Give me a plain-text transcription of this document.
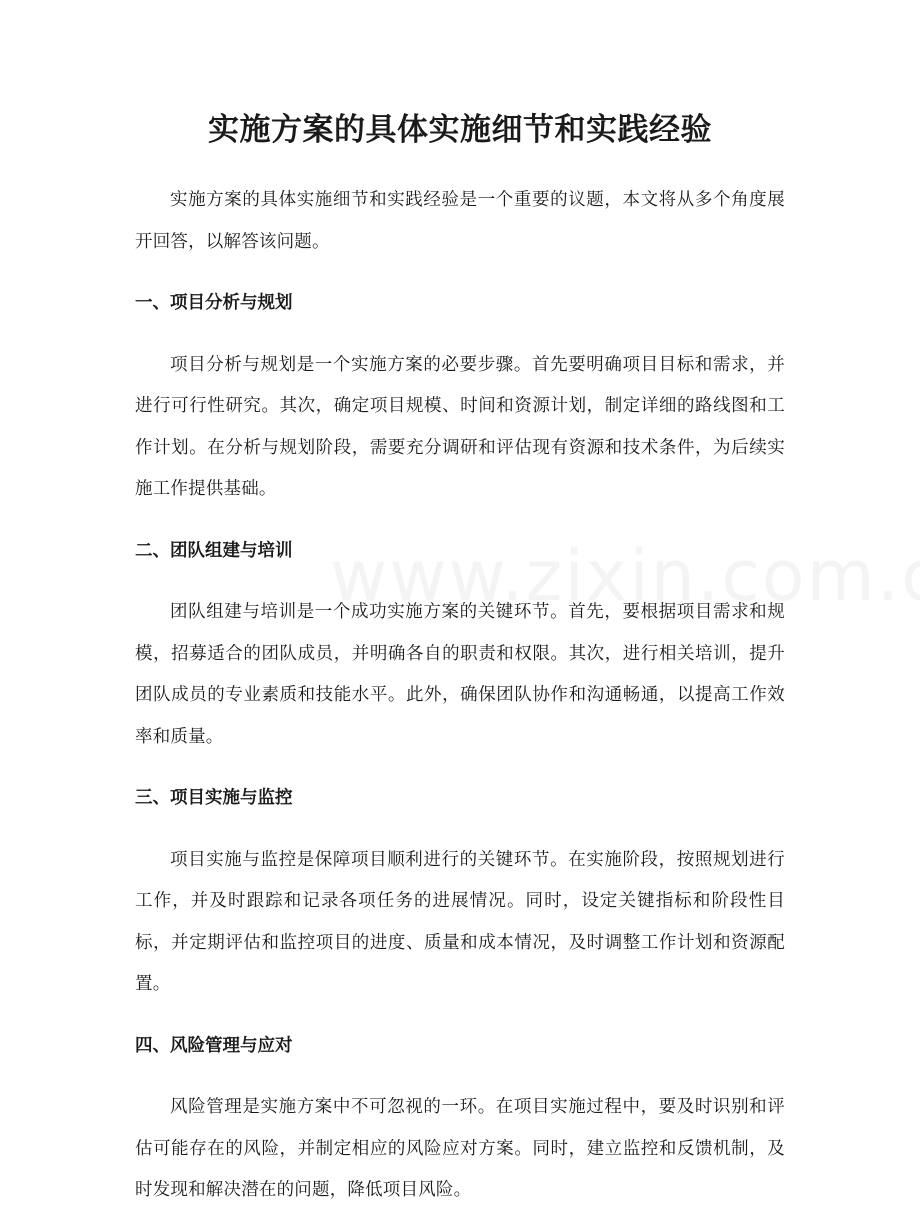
实施方案的具体实施细节和实践经验

实施方案的具体实施细节和实践经验是一个重要的议题，本文将从多个角度展开回答，以解答该问题。

一、项目分析与规划

项目分析与规划是一个实施方案的必要步骤。首先要明确项目目标和需求，并进行可行性研究。其次，确定项目规模、时间和资源计划，制定详细的路线图和工作计划。在分析与规划阶段，需要充分调研和评估现有资源和技术条件，为后续实施工作提供基础。

二、团队组建与培训

团队组建与培训是一个成功实施方案的关键环节。首先，要根据项目需求和规模，招募适合的团队成员，并明确各自的职责和权限。其次，进行相关培训，提升团队成员的专业素质和技能水平。此外，确保团队协作和沟通畅通，以提高工作效率和质量。

三、项目实施与监控

项目实施与监控是保障项目顺利进行的关键环节。在实施阶段，按照规划进行工作，并及时跟踪和记录各项任务的进展情况。同时，设定关键指标和阶段性目标，并定期评估和监控项目的进度、质量和成本情况，及时调整工作计划和资源配置。

四、风险管理与应对

风险管理是实施方案中不可忽视的一环。在项目实施过程中，要及时识别和评估可能存在的风险，并制定相应的风险应对方案。同时，建立监控和反馈机制，及时发现和解决潜在的问题，降低项目风险。
